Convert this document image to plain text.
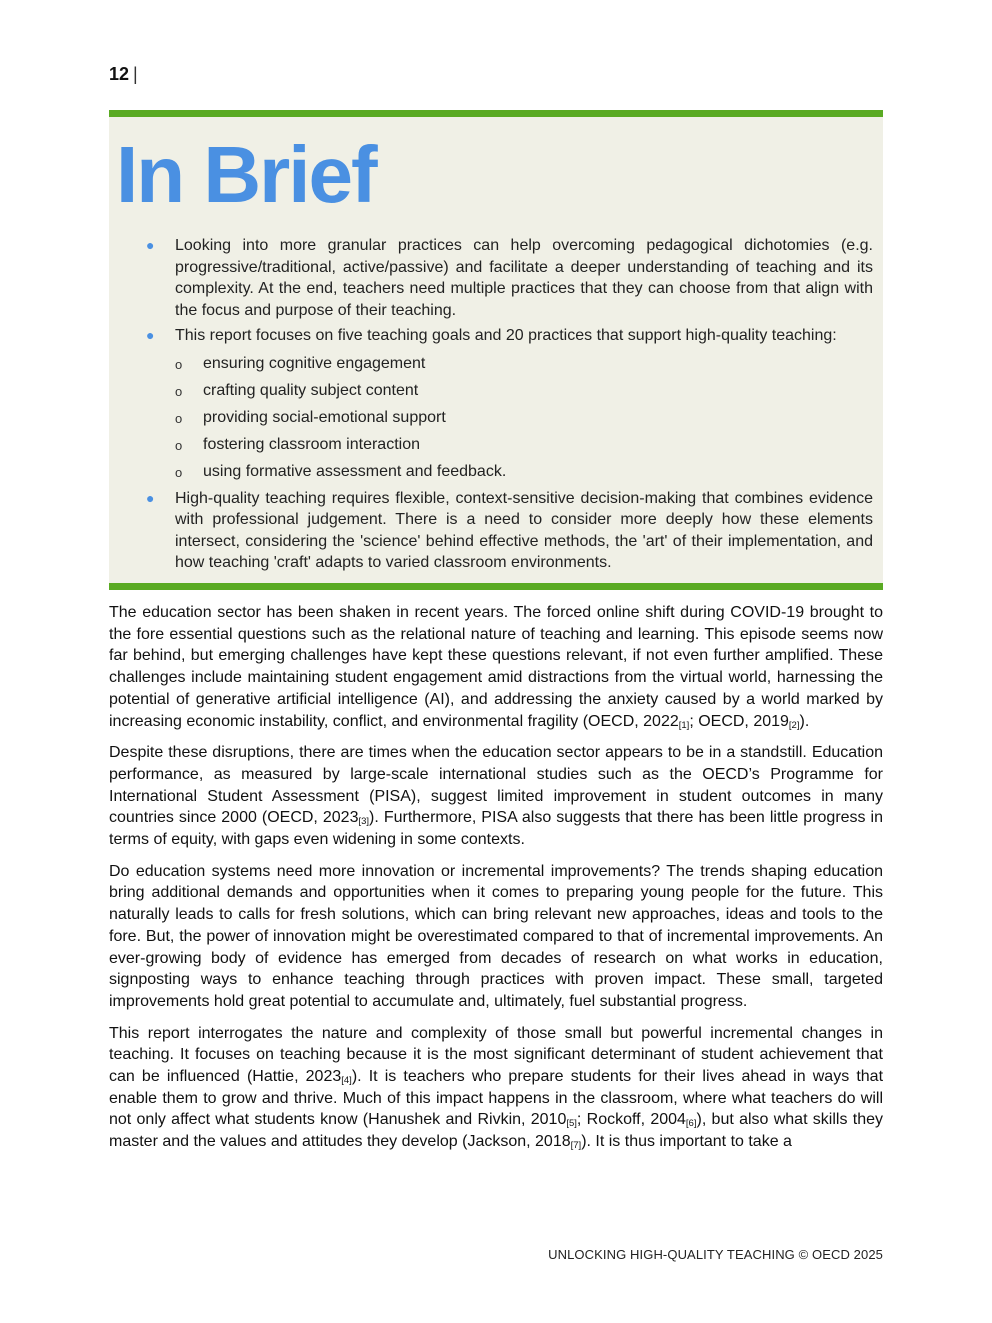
12 |
In Brief
● Looking into more granular practices can help overcoming pedagogical dichotomies (e.g. progressive/traditional, active/passive) and facilitate a deeper understanding of teaching and its complexity. At the end, teachers need multiple practices that they can choose from that align with the focus and purpose of their teaching.
● This report focuses on five teaching goals and 20 practices that support high-quality teaching:
o ensuring cognitive engagement
o crafting quality subject content
o providing social-emotional support
o fostering classroom interaction
o using formative assessment and feedback.
● High-quality teaching requires flexible, context-sensitive decision-making that combines evidence with professional judgement. There is a need to consider more deeply how these elements intersect, considering the 'science' behind effective methods, the 'art' of their implementation, and how teaching 'craft' adapts to varied classroom environments.

The education sector has been shaken in recent years. The forced online shift during COVID-19 brought to the fore essential questions such as the relational nature of teaching and learning. This episode seems now far behind, but emerging challenges have kept these questions relevant, if not even further amplified. These challenges include maintaining student engagement amid distractions from the virtual world, harnessing the potential of generative artificial intelligence (AI), and addressing the anxiety caused by a world marked by increasing economic instability, conflict, and environmental fragility (OECD, $2022_{[1]}$; OECD, $2019_{[2]}$).

Despite these disruptions, there are times when the education sector appears to be in a standstill. Education performance, as measured by large-scale international studies such as the OECD’s Programme for International Student Assessment (PISA), suggest limited improvement in student outcomes in many countries since 2000 (OECD, $2023_{[3]}$). Furthermore, PISA also suggests that there has been little progress in terms of equity, with gaps even widening in some contexts.

Do education systems need more innovation or incremental improvements? The trends shaping education bring additional demands and opportunities when it comes to preparing young people for the future. This naturally leads to calls for fresh solutions, which can bring relevant new approaches, ideas and tools to the fore. But, the power of innovation might be overestimated compared to that of incremental improvements. An ever-growing body of evidence has emerged from decades of research on what works in education, signposting ways to enhance teaching through practices with proven impact. These small, targeted improvements hold great potential to accumulate and, ultimately, fuel substantial progress.

This report interrogates the nature and complexity of those small but powerful incremental changes in teaching. It focuses on teaching because it is the most significant determinant of student achievement that can be influenced (Hattie, $2023_{[4]}$). It is teachers who prepare students for their lives ahead in ways that enable them to grow and thrive. Much of this impact happens in the classroom, where what teachers do will not only affect what students know (Hanushek and Rivkin, $2010_{[5]}$; Rockoff, $2004_{[6]}$), but also what skills they master and the values and attitudes they develop (Jackson, $2018_{[7]}$). It is thus important to take a

UNLOCKING HIGH-QUALITY TEACHING © OECD 2025
